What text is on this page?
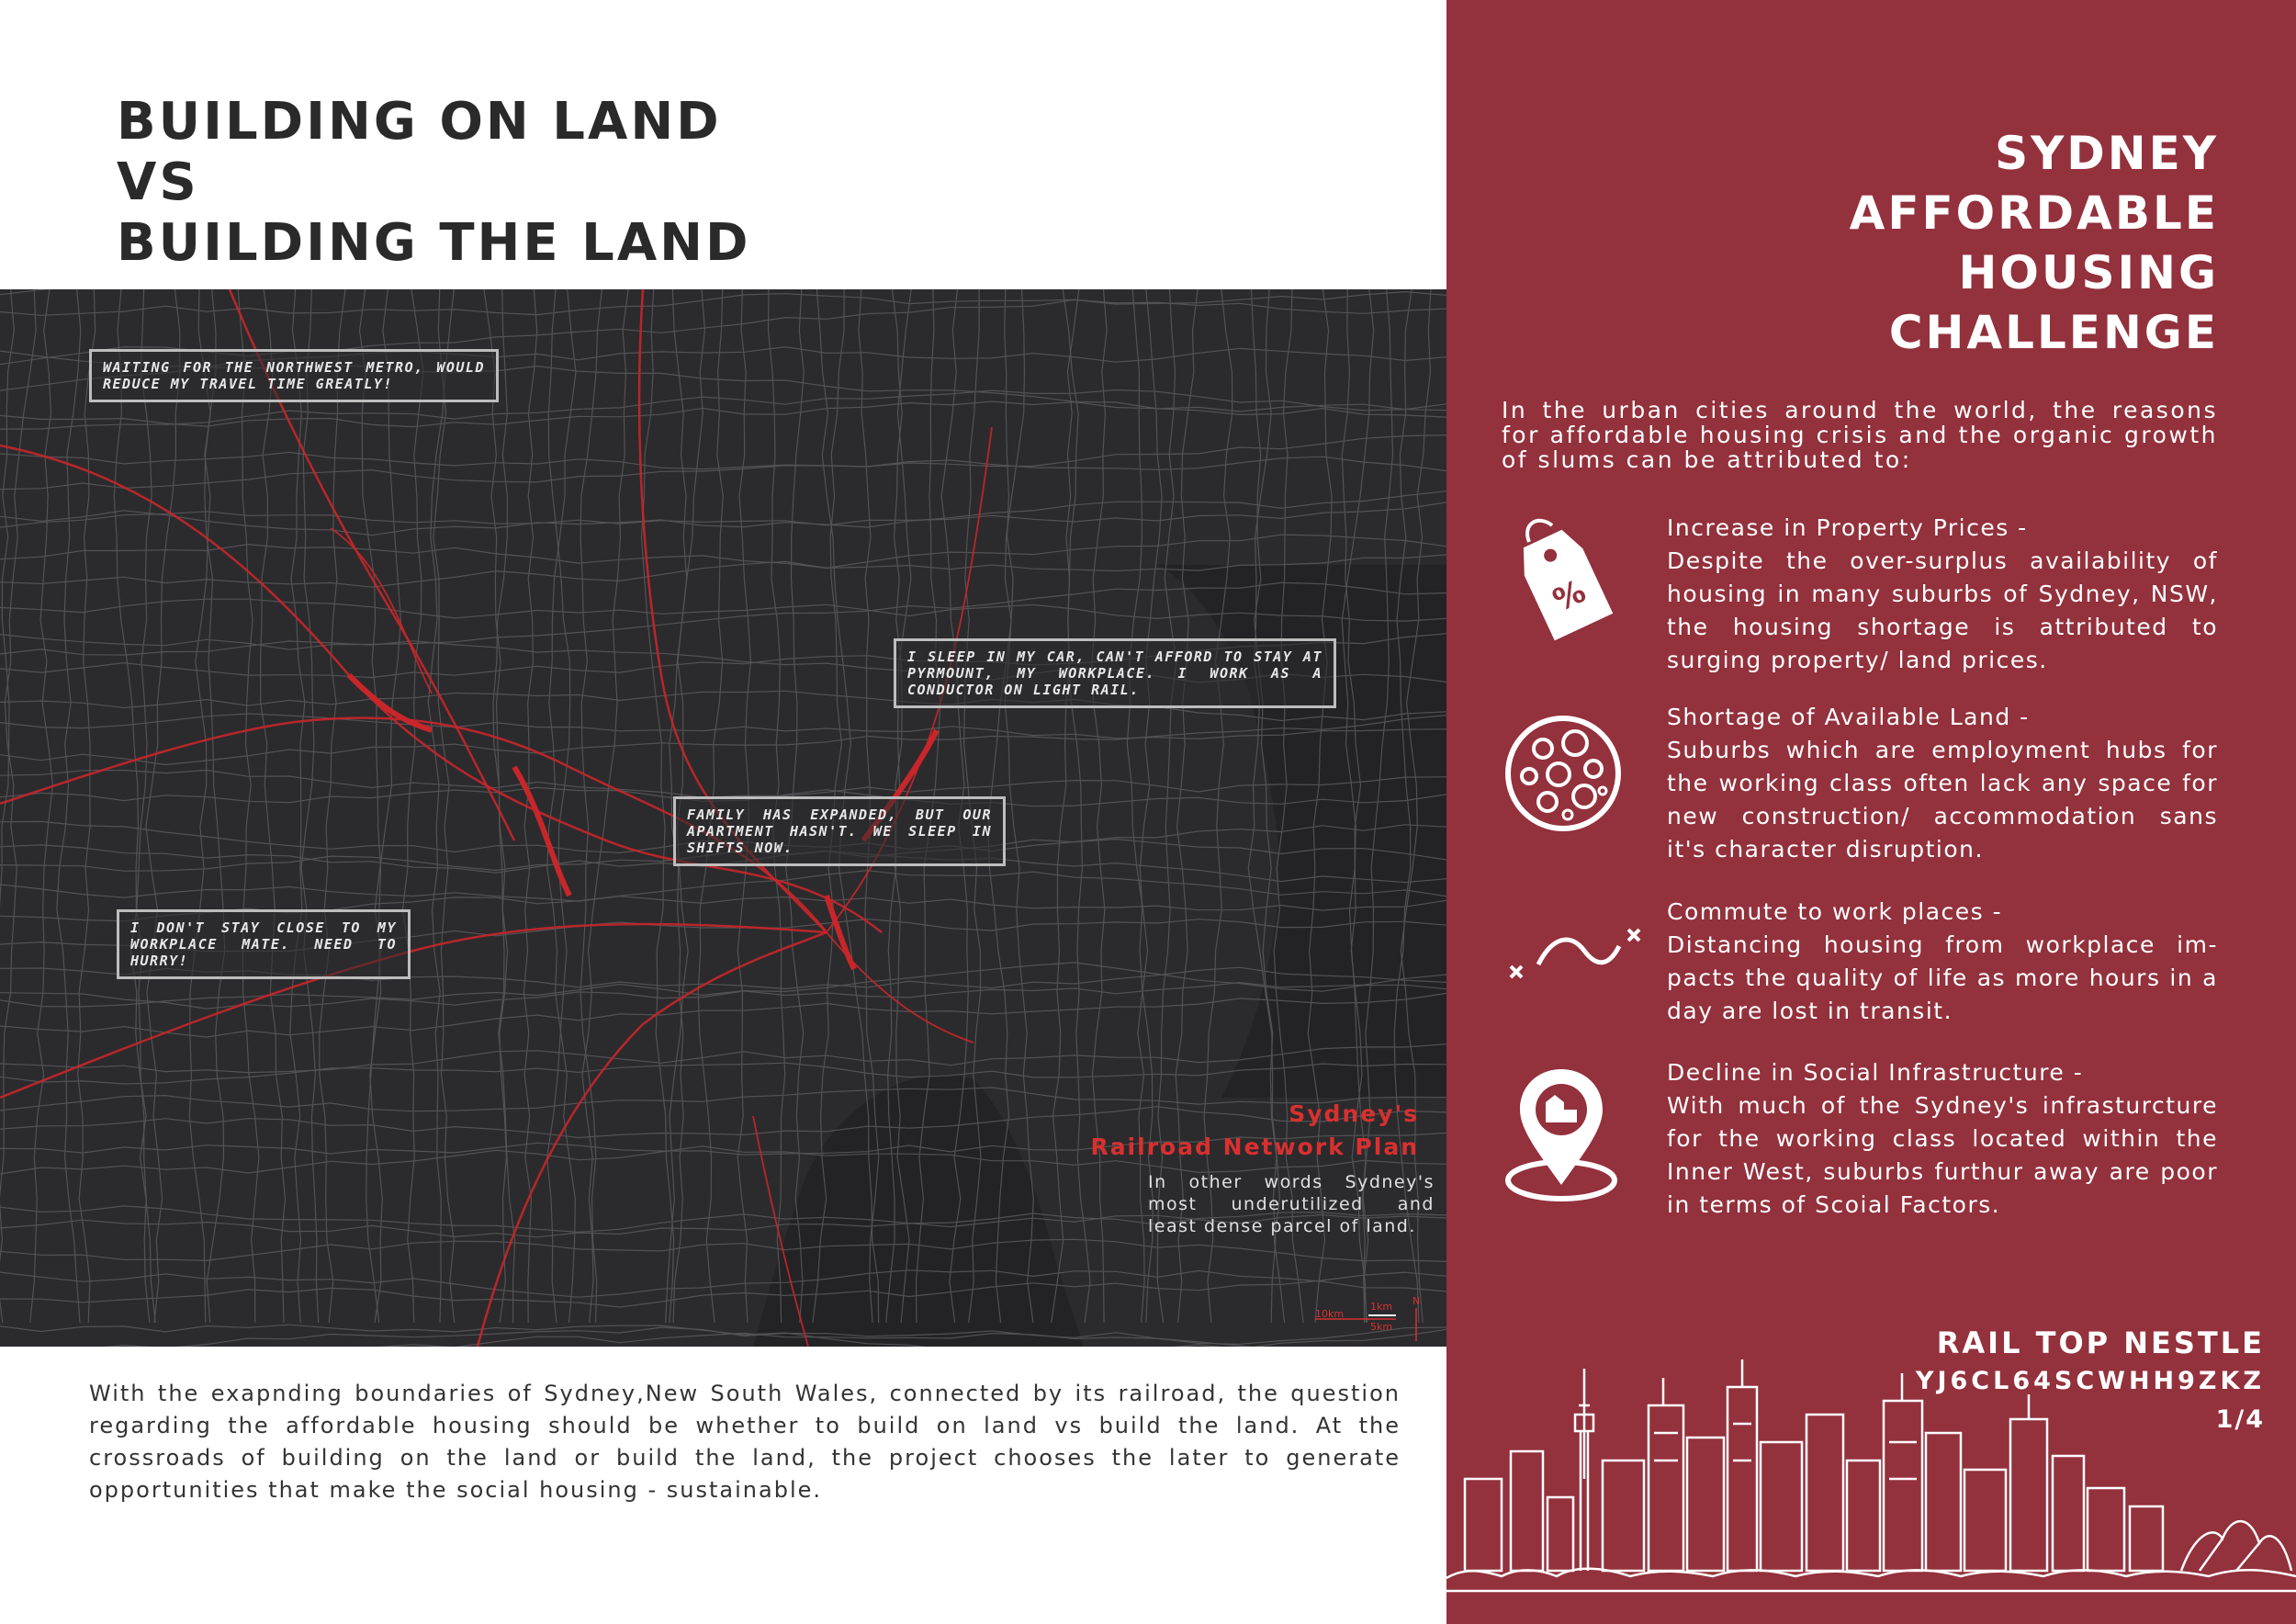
BUILDING ON LAND
VS
BUILDING THE LAND
WAITING FOR THE NORTHWEST METRO, WOULD REDUCE MY TRAVEL TIME GREATLY!
I SLEEP IN MY CAR, CAN'T AFFORD TO STAY AT PYRMOUNT, MY WORKPLACE. I WORK AS A CONDUCTOR ON LIGHT RAIL.
FAMILY HAS EXPANDED, BUT OUR APARTMENT HASN'T. WE SLEEP IN SHIFTS NOW.
I DON'T STAY CLOSE TO MY WORKPLACE MATE. NEED TO HURRY!
Sydney's
Railroad Network Plan

In other words Sydney's most underutilized and least dense parcel of land.

10km
1km
5km
N

With the exapnding boundaries of Sydney,New South Wales, connected by its railroad, the question regarding the affordable housing should be whether to build on land vs build the land. At the crossroads of building on the land or build the land, the project chooses the later to generate opportunities that make the social housing - sustainable.

SYDNEY
AFFORDABLE
HOUSING
CHALLENGE

In the urban cities around the world, the reasons for affordable housing crisis and the organic growth of slums can be attributed to:

%
Increase in Property Prices -
Despite the over-surplus availability of housing in many suburbs of Sydney, NSW, the housing shortage is attributed to surging property/ land prices.
Shortage of Available Land -
Suburbs which are employment hubs for the working class often lack any space for new construction/ accommodation sans it's character disruption.
Commute to work places -
Distancing housing from workplace im-pacts the quality of life as more hours in a day are lost in transit.
Decline in Social Infrastructure -
With much of the Sydney's infrasturcture for the working class located within the Inner West, suburbs furthur away are poor in terms of Scoial Factors.
RAIL TOP NESTLE
YJ6CL64SCWHH9ZKZ
1/4
